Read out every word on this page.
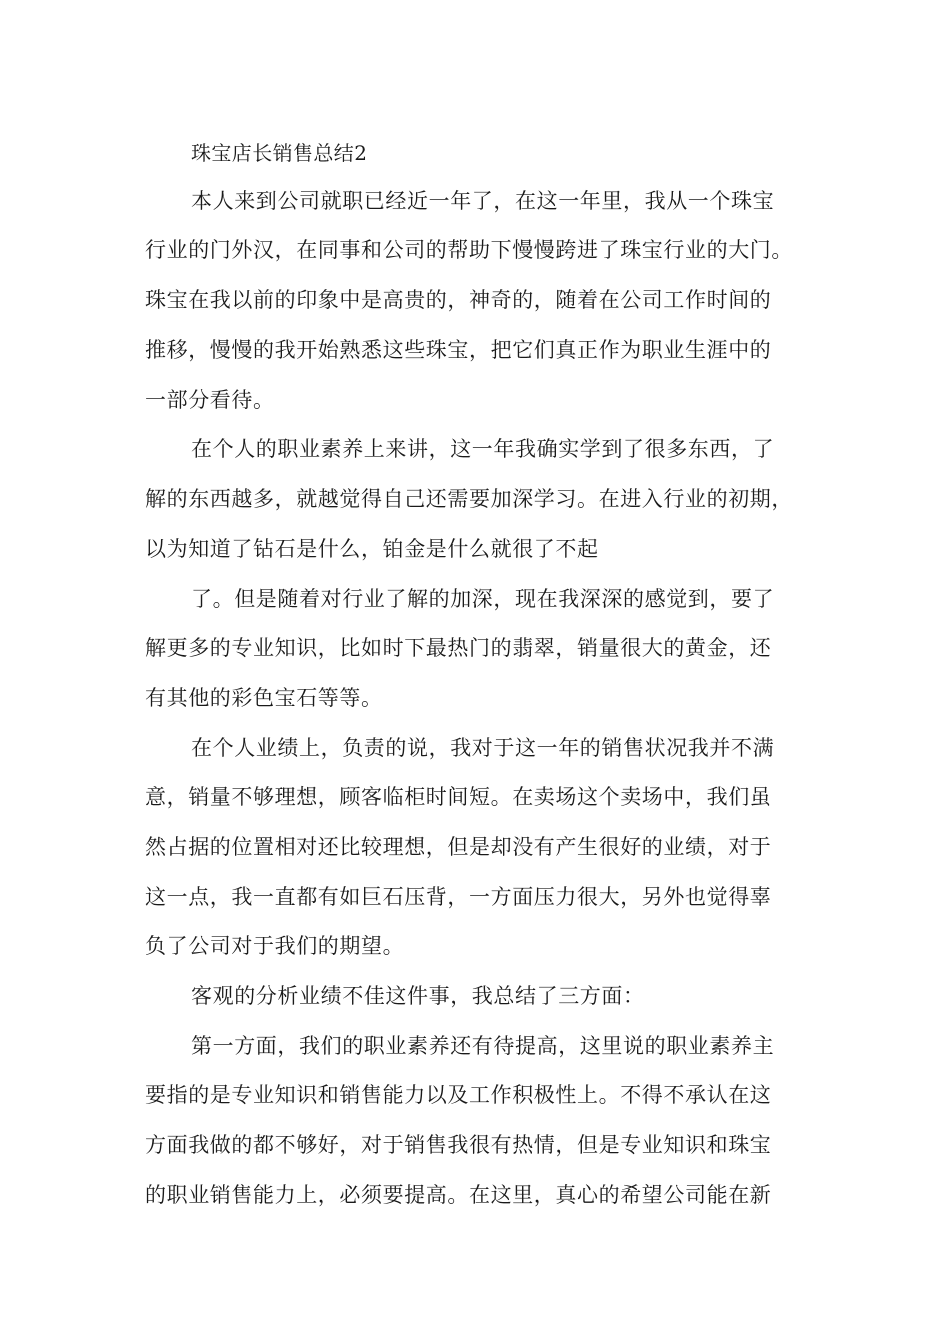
珠宝店长销售总结2
本人来到公司就职已经近一年了，在这一年里，我从一个珠宝
行业的门外汉，在同事和公司的帮助下慢慢跨进了珠宝行业的大门。
珠宝在我以前的印象中是高贵的，神奇的，随着在公司工作时间的
推移，慢慢的我开始熟悉这些珠宝，把它们真正作为职业生涯中的
一部分看待。
在个人的职业素养上来讲，这一年我确实学到了很多东西，了
解的东西越多，就越觉得自己还需要加深学习。在进入行业的初期，
以为知道了钻石是什么，铂金是什么就很了不起
了。但是随着对行业了解的加深，现在我深深的感觉到，要了
解更多的专业知识，比如时下最热门的翡翠，销量很大的黄金，还
有其他的彩色宝石等等。
在个人业绩上，负责的说，我对于这一年的销售状况我并不满
意，销量不够理想，顾客临柜时间短。在卖场这个卖场中，我们虽
然占据的位置相对还比较理想，但是却没有产生很好的业绩，对于
这一点，我一直都有如巨石压背，一方面压力很大，另外也觉得辜
负了公司对于我们的期望。
客观的分析业绩不佳这件事，我总结了三方面：
第一方面，我们的职业素养还有待提高，这里说的职业素养主
要指的是专业知识和销售能力以及工作积极性上。不得不承认在这
方面我做的都不够好，对于销售我很有热情，但是专业知识和珠宝
的职业销售能力上，必须要提高。在这里，真心的希望公司能在新
